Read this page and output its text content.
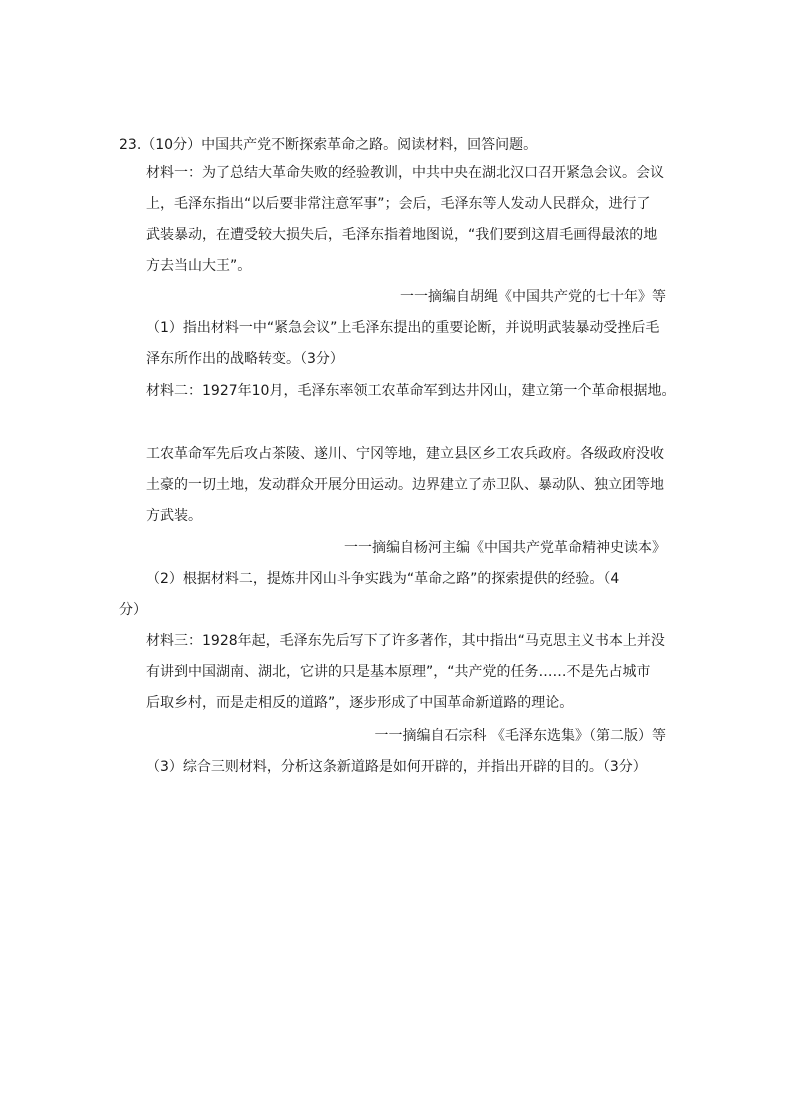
23.（10分）中国共产党不断探索革命之路。阅读材料，回答问题。
材料一：为了总结大革命失败的经验教训，中共中央在湖北汉口召开紧急会议。会议
上，毛泽东指出“以后要非常注意军事”；会后，毛泽东等人发动人民群众，进行了
武装暴动，在遭受较大损失后，毛泽东指着地图说，“我们要到这眉毛画得最浓的地
方去当山大王”。
一一摘编自胡绳《中国共产党的七十年》等
（1）指出材料一中“紧急会议”上毛泽东提出的重要论断，并说明武装暴动受挫后毛
泽东所作出的战略转变。（3分）
材料二：1927年10月，毛泽东率领工农革命军到达井冈山，建立第一个革命根据地。
工农革命军先后攻占茶陵、遂川、宁冈等地，建立县区乡工农兵政府。各级政府没收
土豪的一切土地，发动群众开展分田运动。边界建立了赤卫队、暴动队、独立团等地
方武装。
一一摘编自杨河主编《中国共产党革命精神史读本》
（2）根据材料二，提炼井冈山斗争实践为“革命之路”的探索提供的经验。（4
分）
材料三：1928年起，毛泽东先后写下了许多著作，其中指出“马克思主义书本上并没
有讲到中国湖南、湖北，它讲的只是基本原理”，“共产党的任务……不是先占城市
后取乡村，而是走相反的道路”，逐步形成了中国革命新道路的理论。
一一摘编自石宗科 《毛泽东选集》（第二版）等
（3）综合三则材料，分析这条新道路是如何开辟的，并指出开辟的目的。（3分）
